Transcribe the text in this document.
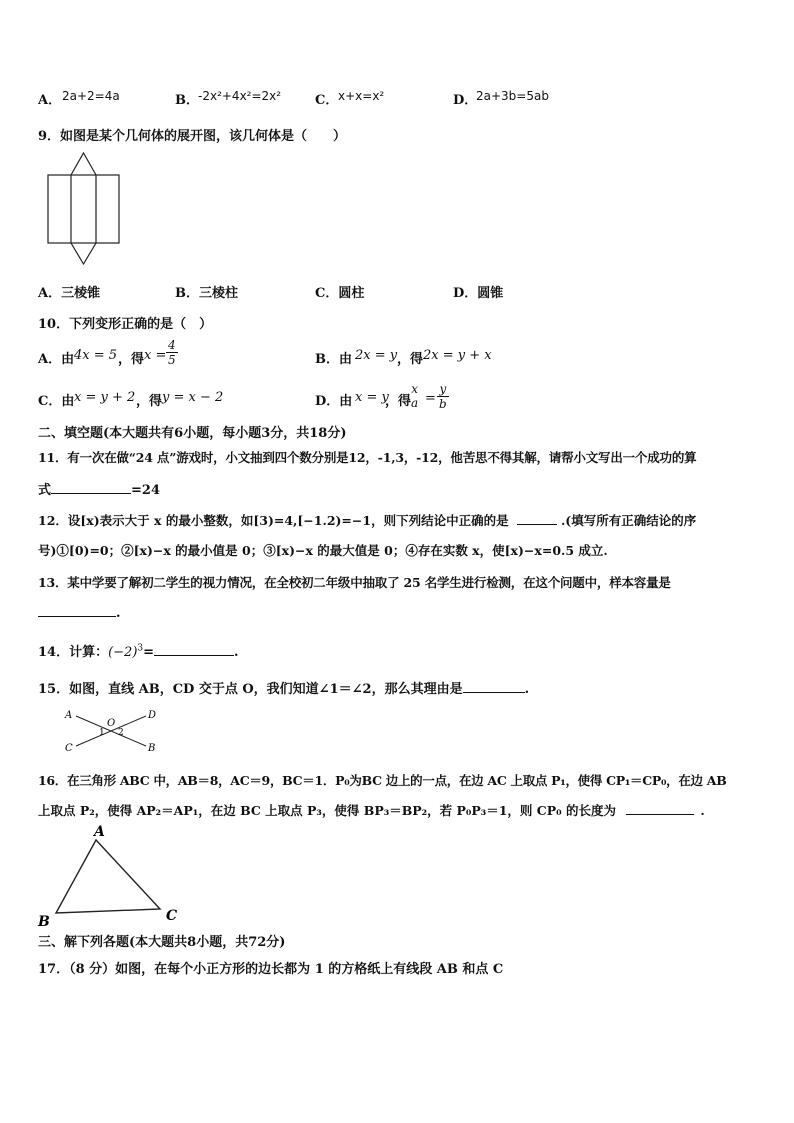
A． 2a+2=4a	B． -2x²+4x²=2x²	C． x+x=x²	D．
2a+3b=5ab
9．如图是某个几何体的展开图，该几何体是（　　）
A．三棱锥	B．三棱柱	C．圆柱	D．圆锥
10．下列变形正确的是（　）
A．由 4x = 5 ，得 $x = \frac{4}{5}$	B．由 2x = y ，得 2x = y + x
C．由 x = y + 2 ，得 y = x − 2	D．由 x = y
，得
x
$a = \frac{y}{b}$
二、填空题(本大题共有6小题，每小题3分，共18分)
11．有一次在做“24 点”游戏时，小文抽到四个数分别是12，-1,3，-12，他苦思不得其解，请帮小文写出一个成功的算
式	=24
12．设[x)表示大于 x 的最小整数，如[3)=4,[−1.2)=−1，则下列结论中正确的是	.(填写所有正确结论的序
号)①[0)=0；②[x)−x 的最小值是 0；③[x)−x 的最大值是 0；④存在实数 x，使[x)−x=0.5 成立.
13．某中学要了解初二学生的视力情况，在全校初二年级中抽取了 25 名学生进行检测，在这个问题中，样本容量是
.
14．计算：$(-2)^3=$	.
15．如图，直线 AB，CD 交于点 O，我们知道∠1＝∠2，那么其理由是	.
A	D
C	B
O
1 2
16．在三角形 ABC 中，AB＝8，AC＝9，BC＝1．P₀为BC 边上的一点，在边 AC 上取点 P₁，使得 CP₁＝CP₀，在边 AB
上取点 P₂，使得 AP₂＝AP₁，在边 BC 上取点 P₃，使得 BP₃＝BP₂，若 P₀P₃＝1，则 CP₀ 的长度为	.
A
B	C
三、解下列各题(本大题共8小题，共72分)
17．（8 分）如图，在每个小正方形的边长都为 1 的方格纸上有线段 AB 和点 C
